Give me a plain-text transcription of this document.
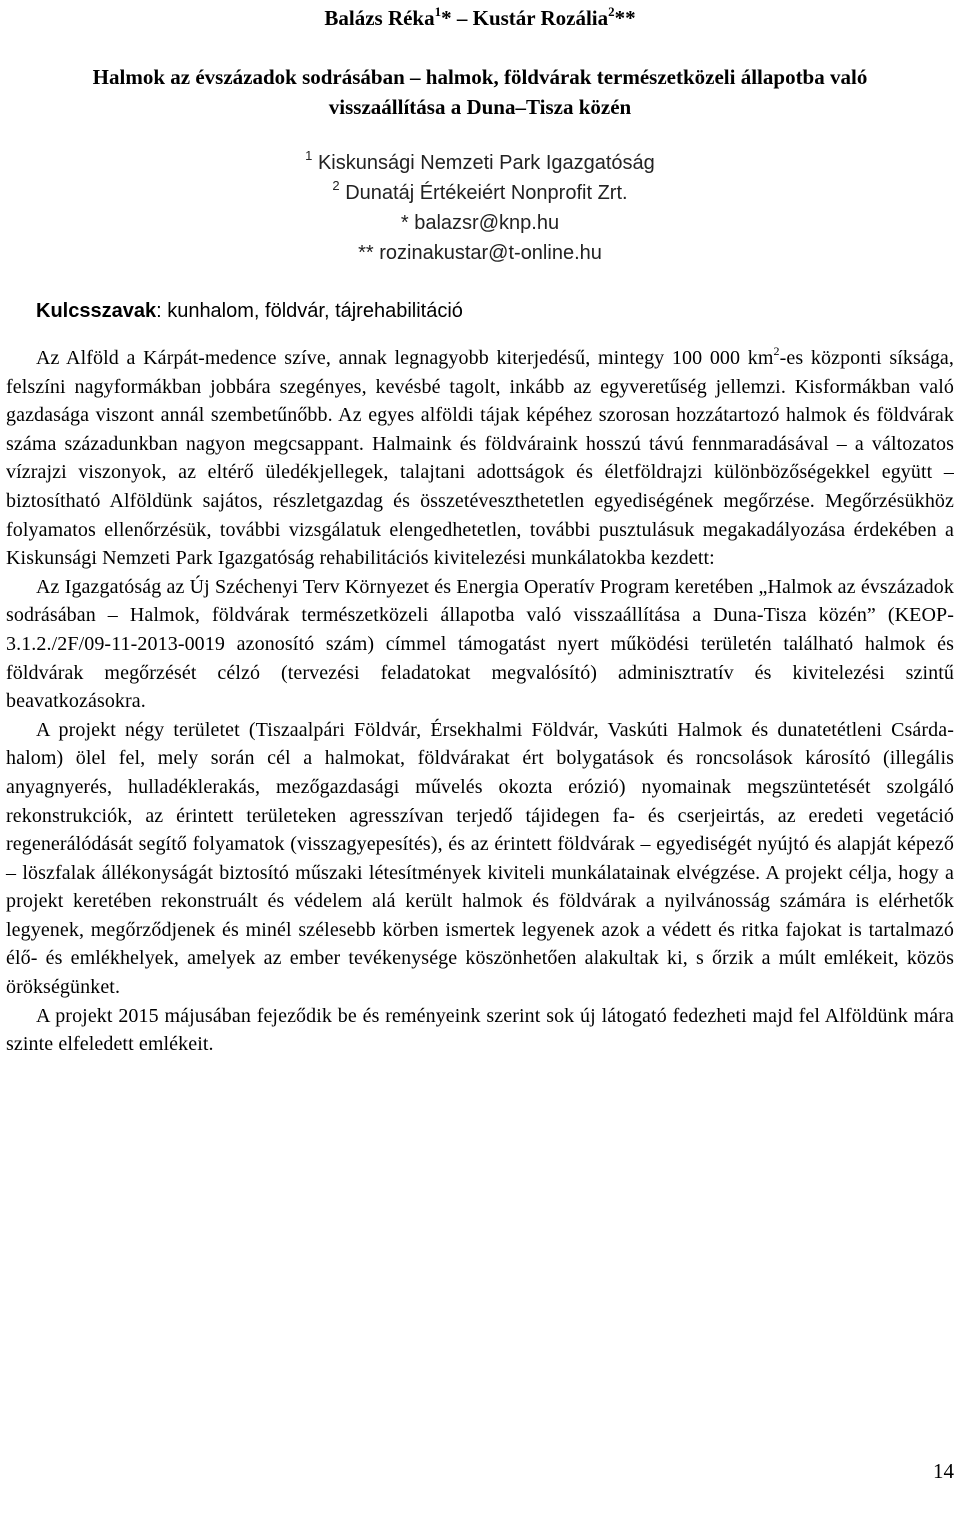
Balázs Réka$^1$* – Kustár Rozália$^2$**
Halmok az évszázadok sodrásában – halmok, földvárak természetközeli állapotba való
visszaállítása a Duna–Tisza közén
$^1$ Kiskunsági Nemzeti Park Igazgatóság
$^2$ Dunatáj Értékeiért Nonprofit Zrt.
* balazsr@knp.hu
** rozinakustar@t-online.hu
Kulcsszavak: kunhalom, földvár, tájrehabilitáció

Az Alföld a Kárpát-medence szíve, annak legnagyobb kiterjedésű, mintegy 100 000 $km^2-es$ központi síksága, felszíni nagyformákban jobbára szegényes, kevésbé tagolt, inkább az egyveretűség jellemzi. Kisformákban való gazdasága viszont annál szembetűnőbb. Az egyes alföldi tájak képéhez szorosan hozzátartozó halmok és földvárak száma századunkban nagyon megcsappant. Halmaink és földváraink hosszú távú fennmaradásával – a változatos vízrajzi viszonyok, az eltérő üledékjellegek, talajtani adottságok és életföldrajzi különbözőségekkel együtt – biztosítható Alföldünk sajátos, részletgazdag és összetéveszthetetlen egyediségének megőrzése. Megőrzésükhöz folyamatos ellenőrzésük, további vizsgálatuk elengedhetetlen, további pusztulásuk megakadályozása érdekében a Kiskunsági Nemzeti Park Igazgatóság rehabilitációs kivitelezési munkálatokba kezdett:

Az Igazgatóság az Új Széchenyi Terv Környezet és Energia Operatív Program keretében „Halmok az évszázadok sodrásában – Halmok, földvárak természetközeli állapotba való visszaállítása a Duna-Tisza közén” (KEOP-3.1.2./2F/09-11-2013-0019 azonosító szám) címmel támogatást nyert működési területén található halmok és földvárak megőrzését célzó (tervezési feladatokat megvalósító) adminisztratív és kivitelezési szintű beavatkozásokra.

A projekt négy területet (Tiszaalpári Földvár, Érsekhalmi Földvár, Vaskúti Halmok és dunatetétleni Csárda-halom) ölel fel, mely során cél a halmokat, földvárakat ért bolygatások és roncsolások károsító (illegális anyagnyerés, hulladéklerakás, mezőgazdasági művelés okozta erózió) nyomainak megszüntetését szolgáló rekonstrukciók, az érintett területeken agresszívan terjedő tájidegen fa- és cserjeirtás, az eredeti vegetáció regenerálódását segítő folyamatok (visszagyepesítés), és az érintett földvárak – egyediségét nyújtó és alapját képező – löszfalak állékonyságát biztosító műszaki létesítmények kiviteli munkálatainak elvégzése. A projekt célja, hogy a projekt keretében rekonstruált és védelem alá került halmok és földvárak a nyilvánosság számára is elérhetők legyenek, megőrződjenek és minél szélesebb körben ismertek legyenek azok a védett és ritka fajokat is tartalmazó élő- és emlékhelyek, amelyek az ember tevékenysége köszönhetően alakultak ki, s őrzik a múlt emlékeit, közös örökségünket.

A projekt 2015 májusában fejeződik be és reményeink szerint sok új látogató fedezheti majd fel Alföldünk mára szinte elfeledett emlékeit.

14
